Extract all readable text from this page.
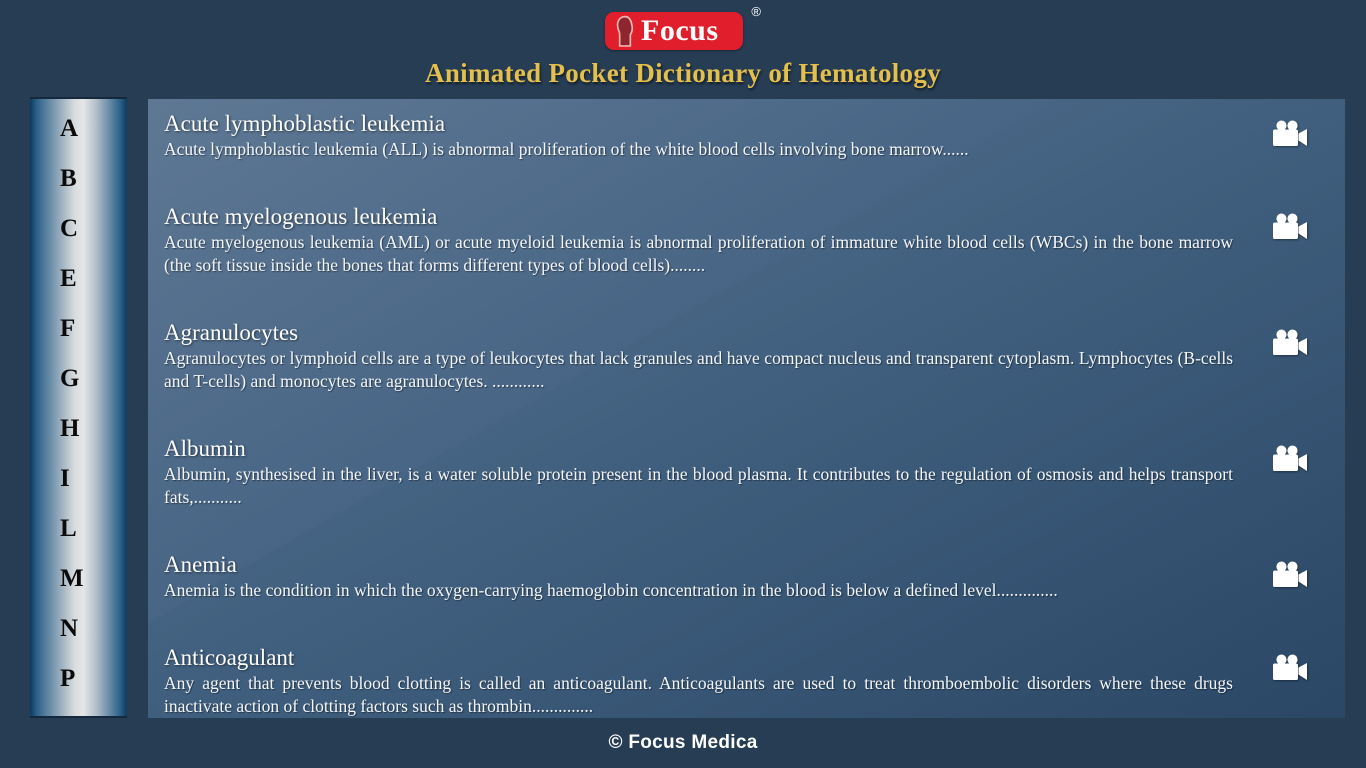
Focus
®
Animated Pocket Dictionary of Hematology
A
B
C
E
F
G
H
I
L
M
N
P
Acute lymphoblastic leukemia
Acute lymphoblastic leukemia (ALL) is abnormal proliferation of the white blood cells involving bone marrow......
Acute myelogenous leukemia
Acute myelogenous leukemia (AML) or acute myeloid leukemia is abnormal proliferation of immature white blood cells (WBCs) in the bone marrow (the soft tissue inside the bones that forms different types of blood cells)........
Agranulocytes
Agranulocytes or lymphoid cells are a type of leukocytes that lack granules and have compact nucleus and transparent cytoplasm. Lymphocytes (B-cells and T-cells) and monocytes are agranulocytes. ............
Albumin
Albumin, synthesised in the liver, is a water soluble protein present in the blood plasma. It contributes to the regulation of osmosis and helps transport fats,...........
Anemia
Anemia is the condition in which the oxygen-carrying haemoglobin concentration in the blood is below a defined level..............
Anticoagulant
Any agent that prevents blood clotting is called an anticoagulant. Anticoagulants are used to treat thromboembolic disorders where these drugs inactivate action of clotting factors such as thrombin..............
© Focus Medica
